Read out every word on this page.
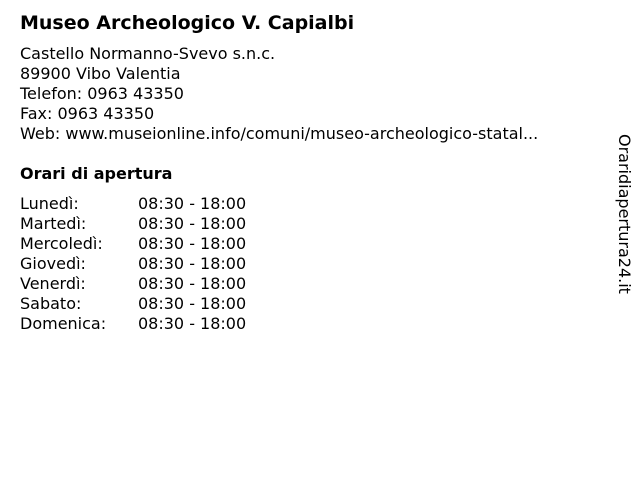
Museo Archeologico V. Capialbi
Castello Normanno-Svevo s.n.c.
89900 Vibo Valentia
Telefon: 0963 43350
Fax: 0963 43350
Web: www.museionline.info/comuni/museo-archeologico-statal...
Orari di apertura
Lunedì:	08:30 - 18:00
Martedì:	08:30 - 18:00
Mercoledì:	08:30 - 18:00
Giovedì:	08:30 - 18:00
Venerdì:	08:30 - 18:00
Sabato:	08:30 - 18:00
Domenica:	08:30 - 18:00
Oraridiapertura24.it
